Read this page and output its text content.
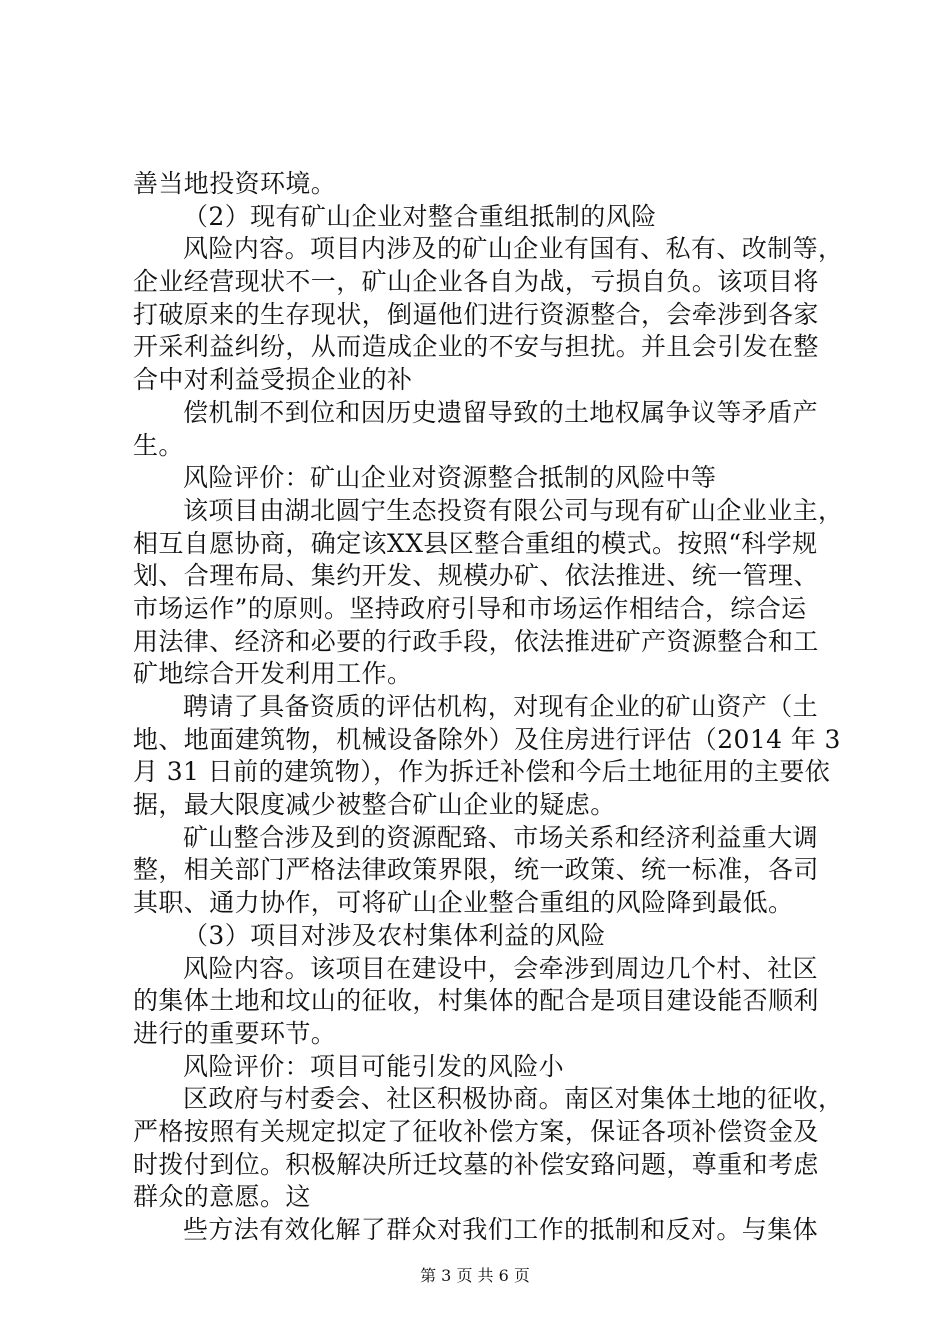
善当地投资环境。
（2）现有矿山企业对整合重组抵制的风险
风险内容。项目内涉及的矿山企业有国有、私有、改制等，
企业经营现状不一，矿山企业各自为战，亏损自负。该项目将
打破原来的生存现状，倒逼他们进行资源整合，会牵涉到各家
开采利益纠纷，从而造成企业的不安与担扰。并且会引发在整
合中对利益受损企业的补
偿机制不到位和因历史遗留导致的土地权属争议等矛盾产
生。
风险评价：矿山企业对资源整合抵制的风险中等
该项目由湖北圆宁生态投资有限公司与现有矿山企业业主，
相互自愿协商，确定该XX县区整合重组的模式。按照“科学规
划、合理布局、集约开发、规模办矿、依法推进、统一管理、
市场运作”的原则。坚持政府引导和市场运作相结合，综合运
用法律、经济和必要的行政手段，依法推进矿产资源整合和工
矿地综合开发利用工作。
聘请了具备资质的评估机构，对现有企业的矿山资产（土
地、地面建筑物，机械设备除外）及住房进行评估（2014 年 3
月 31 日前的建筑物），作为拆迁补偿和今后土地征用的主要依
据，最大限度减少被整合矿山企业的疑虑。
矿山整合涉及到的资源配臵、市场关系和经济利益重大调
整，相关部门严格法律政策界限，统一政策、统一标准，各司
其职、通力协作，可将矿山企业整合重组的风险降到最低。
（3）项目对涉及农村集体利益的风险
风险内容。该项目在建设中，会牵涉到周边几个村、社区
的集体土地和坟山的征收，村集体的配合是项目建设能否顺利
进行的重要环节。
风险评价：项目可能引发的风险小
区政府与村委会、社区积极协商。南区对集体土地的征收，
严格按照有关规定拟定了征收补偿方案，保证各项补偿资金及
时拨付到位。积极解决所迁坟墓的补偿安臵问题，尊重和考虑
群众的意愿。这
些方法有效化解了群众对我们工作的抵制和反对。与集体
第 3 页 共 6 页
